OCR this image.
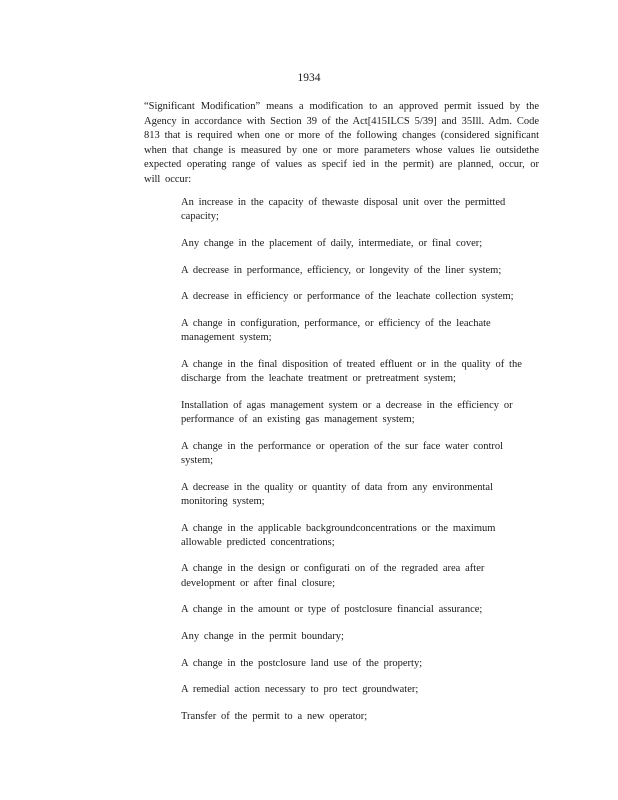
1934

“Significant Modification” means a modification to an approved permit issued by the Agency in accordance with Section 39 of the Act[415ILCS 5/39] and 35Ill. Adm. Code 813 that is required when one or more of the following changes (considered significant when that change is measured by one or more parameters whose values lie outsidethe expected operating range of values as specif ied in the permit) are planned, occur, or will occur:

An increase in the capacity of thewaste disposal unit over the permitted capacity;
Any change in the placement of daily, intermediate, or final cover;
A decrease in performance, efficiency, or longevity of the liner system;
A decrease in efficiency or performance of the leachate collection system;
A change in configuration, performance, or efficiency of the leachate management system;
A change in the final disposition of treated effluent or in the quality of the discharge from the leachate treatment or pretreatment system;
Installation of agas management system or a decrease in the efficiency or performance of an existing gas management system;
A change in the performance or operation of the sur face water control system;
A decrease in the quality or quantity of data from any environmental monitoring system;
A change in the applicable backgroundconcentrations or the maximum allowable predicted concentrations;
A change in the design or configurati on of the regraded area after development or after final closure;
A change in the amount or type of postclosure financial assurance;
Any change in the permit boundary;
A change in the postclosure land use of the property;
A remedial action necessary to pro tect groundwater;
Transfer of the permit to a new operator;
